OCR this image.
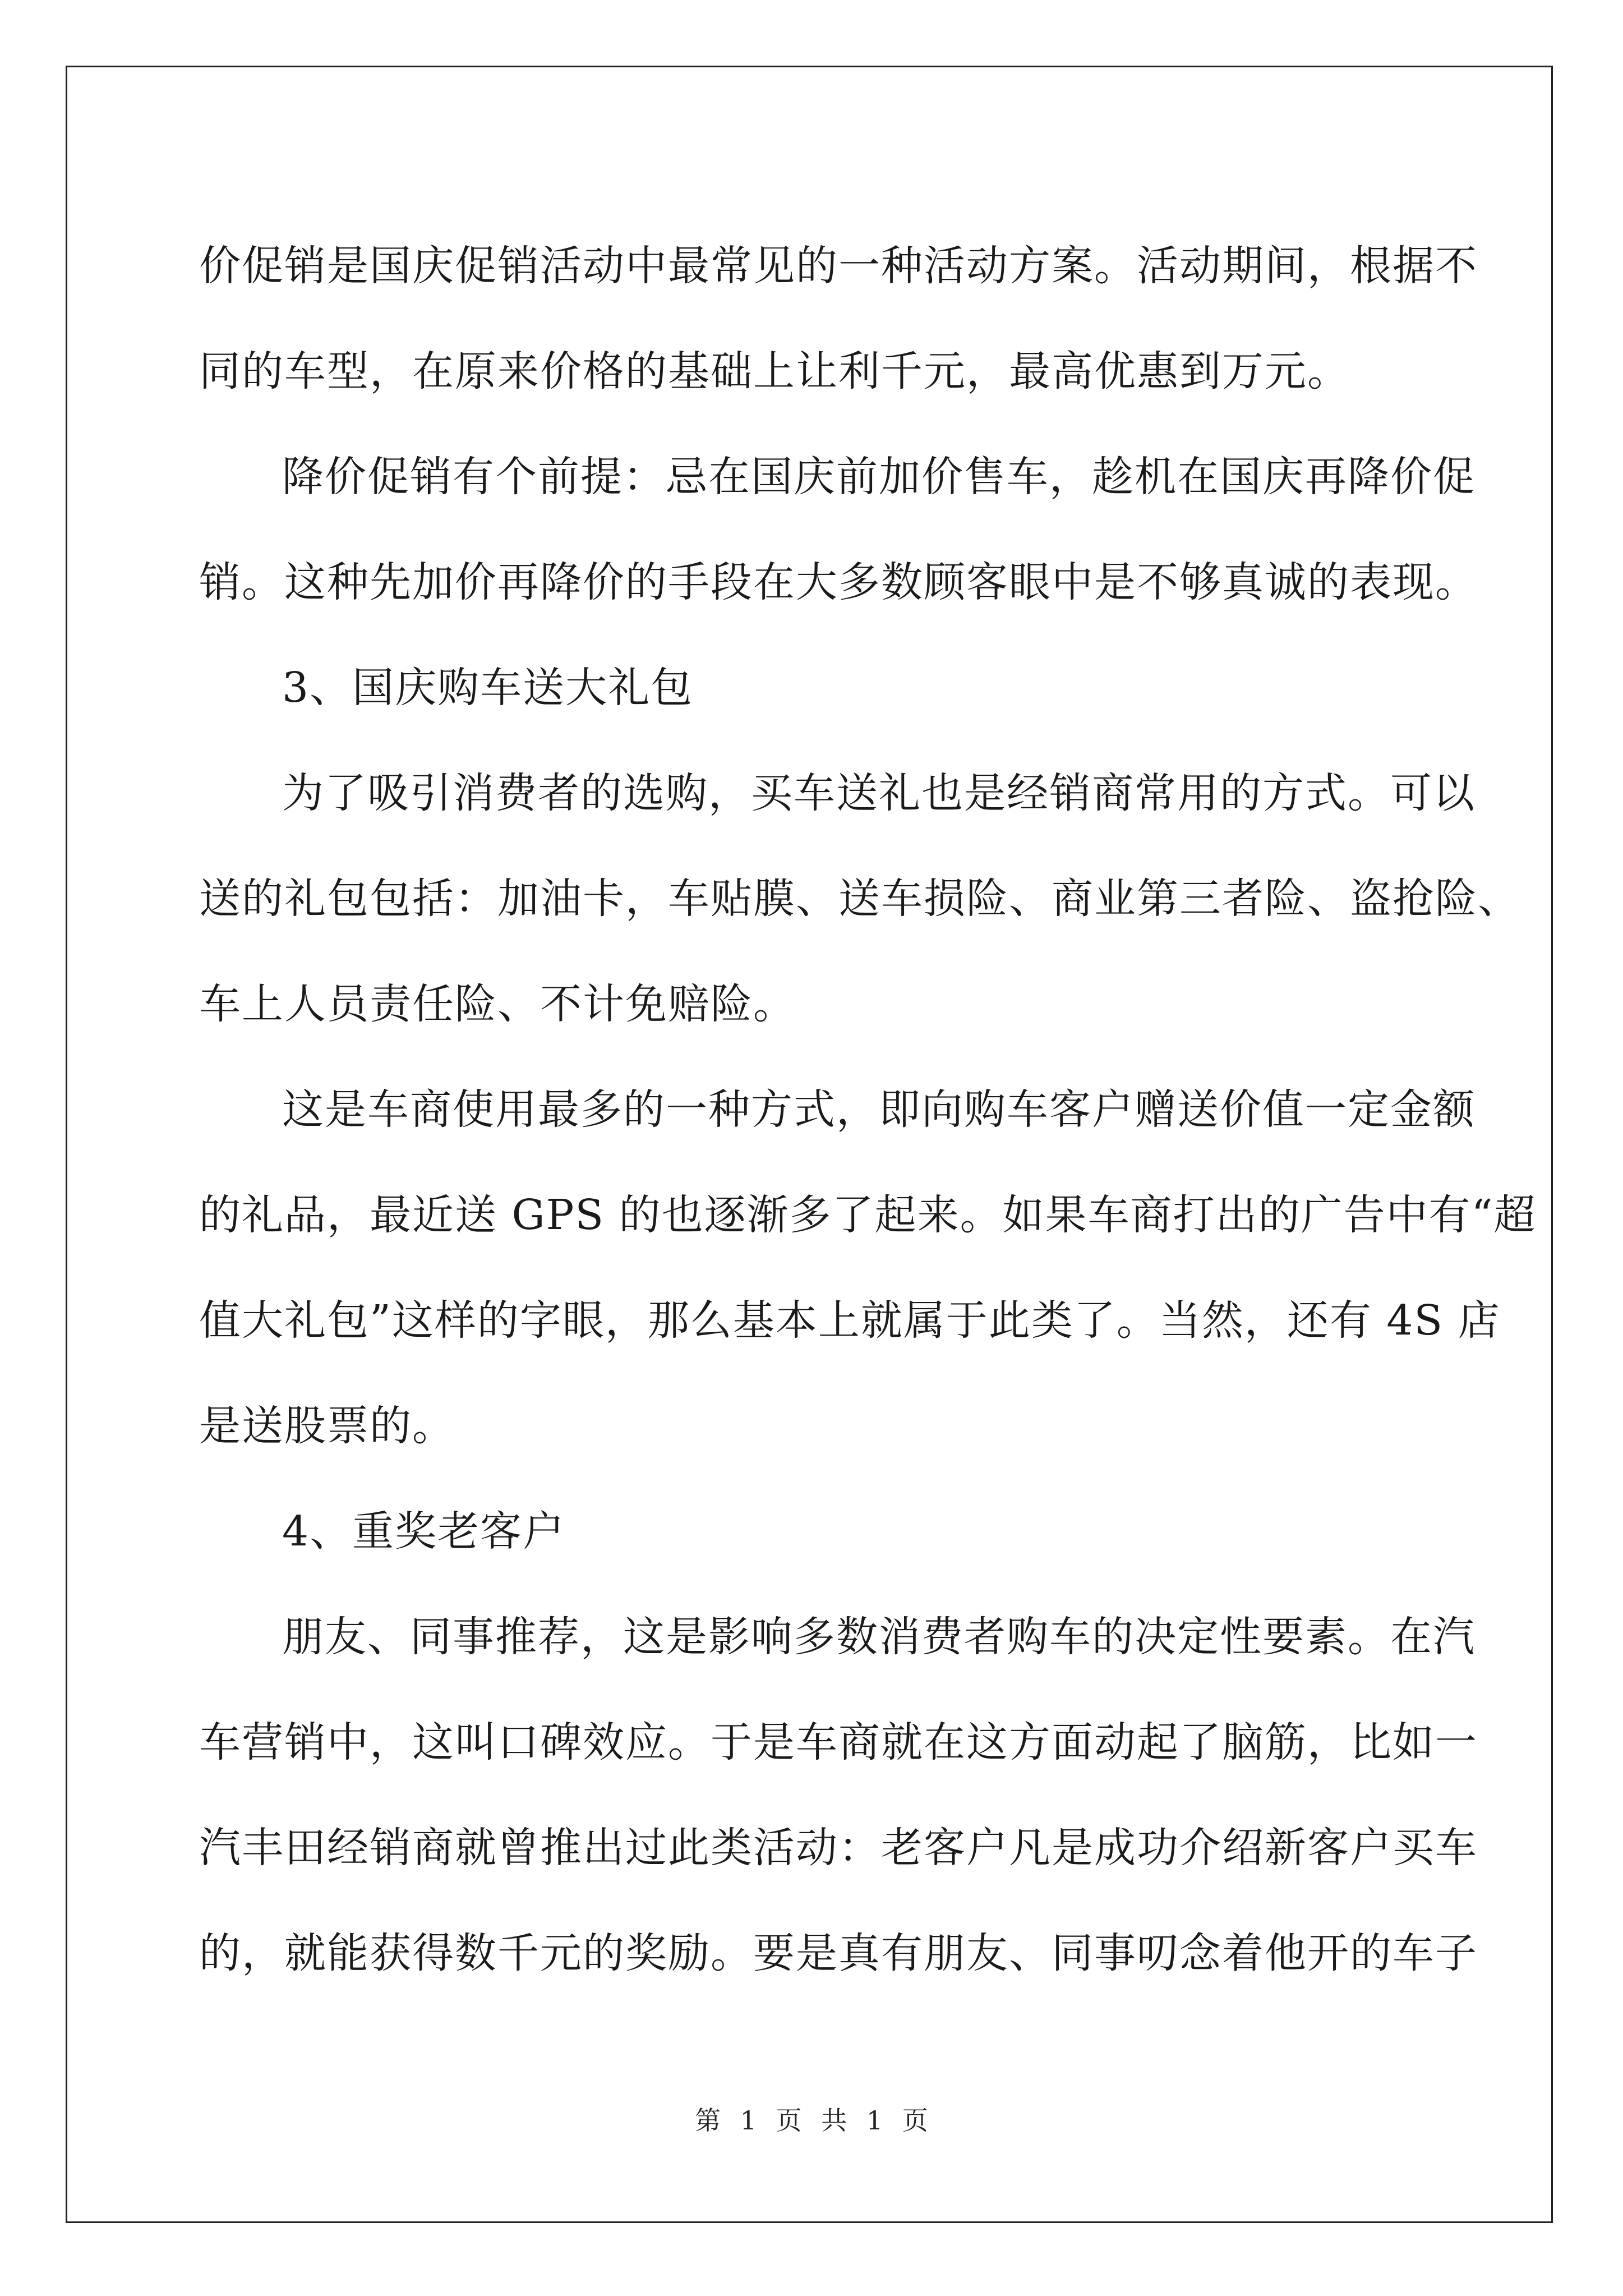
价促销是国庆促销活动中最常见的一种活动方案。活动期间，根据不
同的车型，在原来价格的基础上让利千元，最高优惠到万元。
降价促销有个前提：忌在国庆前加价售车，趁机在国庆再降价促
销。这种先加价再降价的手段在大多数顾客眼中是不够真诚的表现。
3、国庆购车送大礼包
为了吸引消费者的选购，买车送礼也是经销商常用的方式。可以
送的礼包包括：加油卡，车贴膜、送车损险、商业第三者险、盗抢险、
车上人员责任险、不计免赔险。
这是车商使用最多的一种方式，即向购车客户赠送价值一定金额
的礼品，最近送 GPS 的也逐渐多了起来。如果车商打出的广告中有“超
值大礼包”这样的字眼，那么基本上就属于此类了。当然，还有 4S 店
是送股票的。
4、重奖老客户
朋友、同事推荐，这是影响多数消费者购车的决定性要素。在汽
车营销中，这叫口碑效应。于是车商就在这方面动起了脑筋，比如一
汽丰田经销商就曾推出过此类活动：老客户凡是成功介绍新客户买车
的，就能获得数千元的奖励。要是真有朋友、同事叨念着他开的车子
第 1 页 共 1 页
